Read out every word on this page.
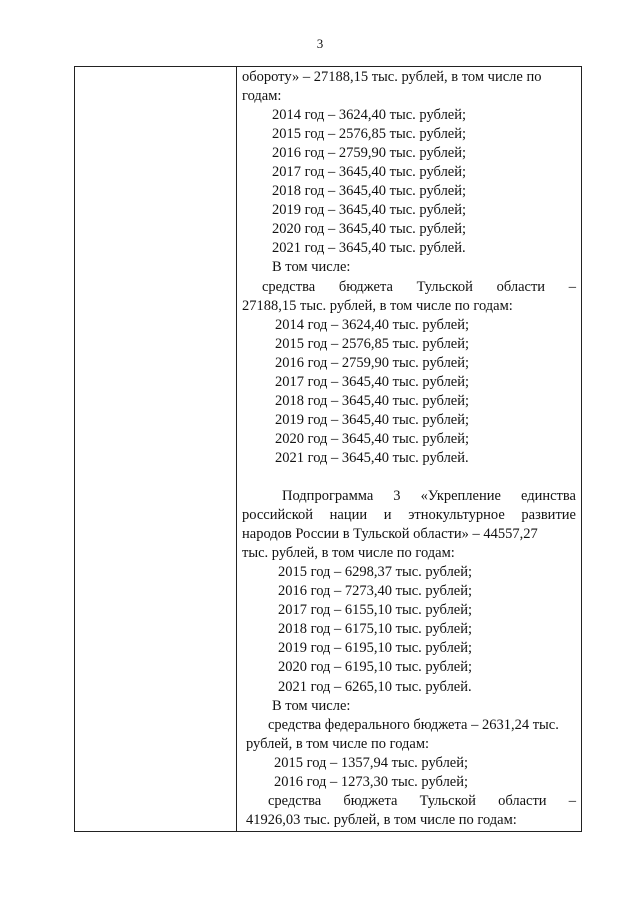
3
обороту» – 27188,15 тыс. рублей, в том числе по
годам:
2014 год – 3624,40 тыс. рублей;
2015 год – 2576,85 тыс. рублей;
2016 год – 2759,90 тыс. рублей;
2017 год – 3645,40 тыс. рублей;
2018 год – 3645,40 тыс. рублей;
2019 год – 3645,40 тыс. рублей;
2020 год – 3645,40 тыс. рублей;
2021 год – 3645,40 тыс. рублей.
В том числе:
средства бюджета Тульской области –
27188,15 тыс. рублей, в том числе по годам:
2014 год – 3624,40 тыс. рублей;
2015 год – 2576,85 тыс. рублей;
2016 год – 2759,90 тыс. рублей;
2017 год – 3645,40 тыс. рублей;
2018 год – 3645,40 тыс. рублей;
2019 год – 3645,40 тыс. рублей;
2020 год – 3645,40 тыс. рублей;
2021 год – 3645,40 тыс. рублей.
Подпрограмма 3 «Укрепление единства
российской нации и этнокультурное развитие
народов России в Тульской области» – 44557,27
тыс. рублей, в том числе по годам:
2015 год – 6298,37 тыс. рублей;
2016 год – 7273,40 тыс. рублей;
2017 год – 6155,10 тыс. рублей;
2018 год – 6175,10 тыс. рублей;
2019 год – 6195,10 тыс. рублей;
2020 год – 6195,10 тыс. рублей;
2021 год – 6265,10 тыс. рублей.
В том числе:
средства федерального бюджета – 2631,24 тыс.
рублей, в том числе по годам:
2015 год – 1357,94 тыс. рублей;
2016 год – 1273,30 тыс. рублей;
средства бюджета Тульской области –
41926,03 тыс. рублей, в том числе по годам:
